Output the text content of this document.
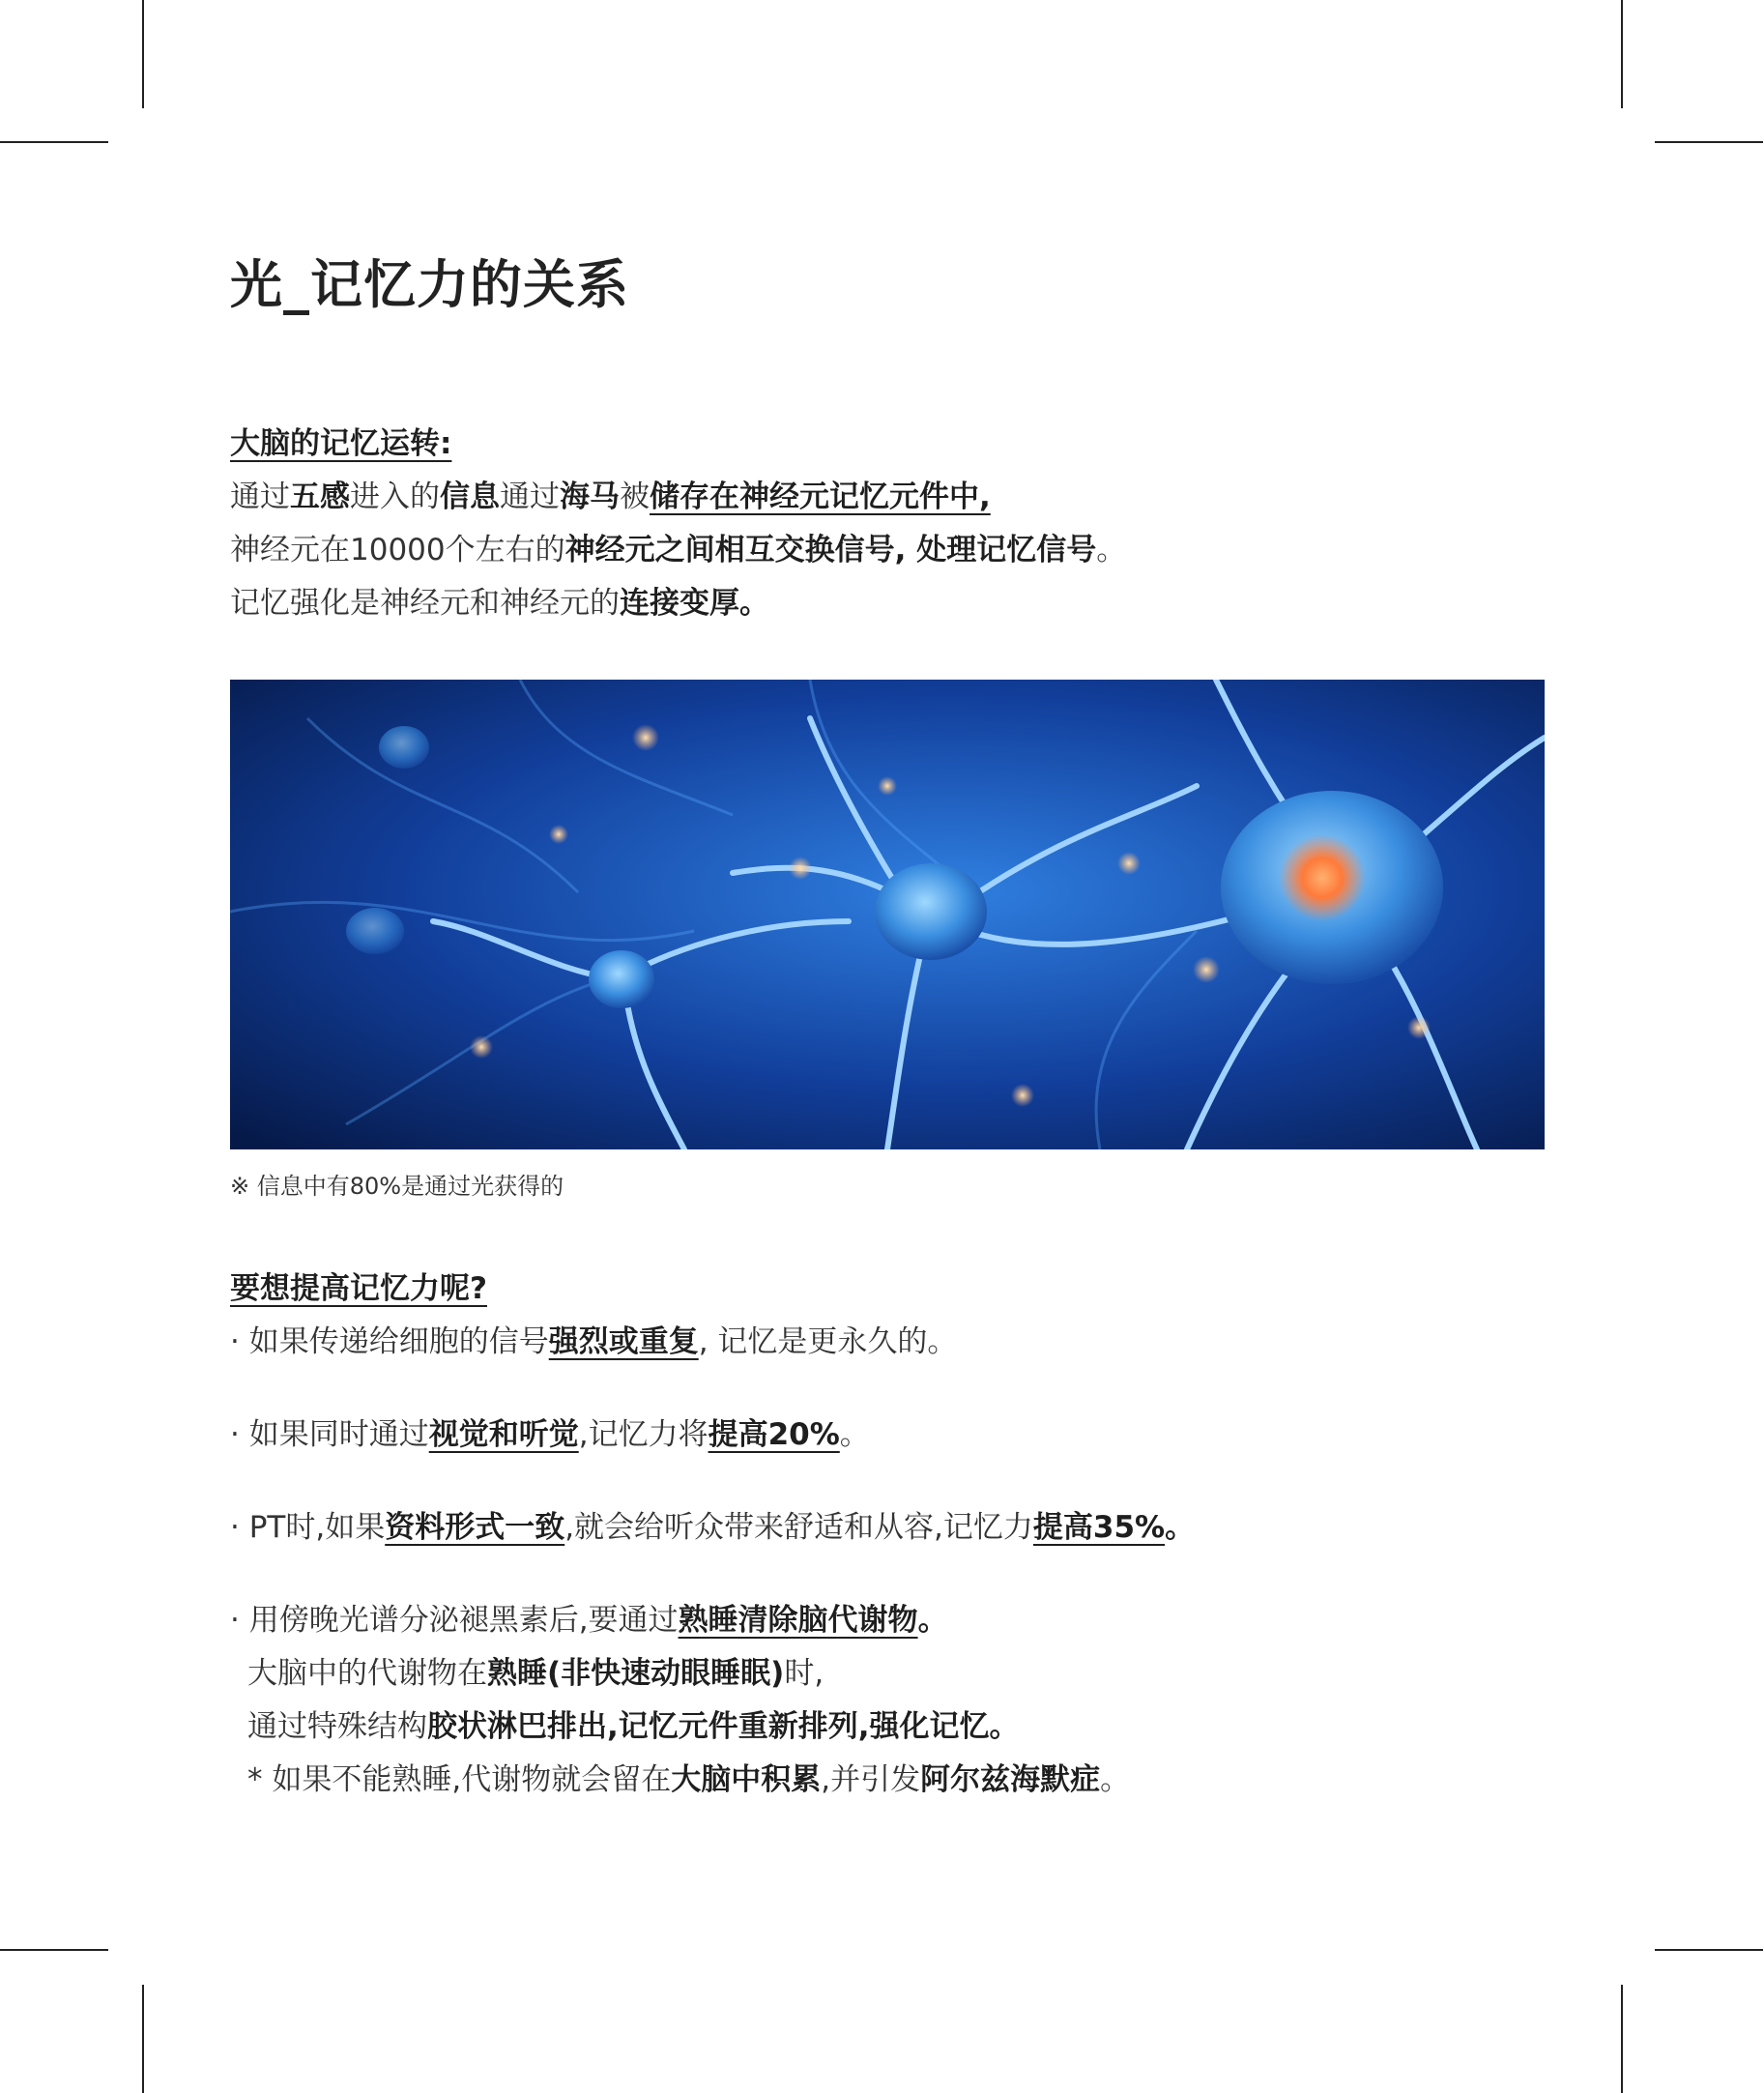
光_记忆力的关系
大脑的记忆运转:
通过五感进入的信息通过海马被储存在神经元记忆元件中,
神经元在10000个左右的神经元之间相互交换信号, 处理记忆信号。
记忆强化是神经元和神经元的连接变厚。
※ 信息中有80%是通过光获得的
要想提高记忆力呢?
· 如果传递给细胞的信号强烈或重复, 记忆是更永久的。
· 如果同时通过视觉和听觉,记忆力将提高20%。
· PT时,如果资料形式一致,就会给听众带来舒适和从容,记忆力提高35%。
· 用傍晚光谱分泌褪黑素后,要通过熟睡清除脑代谢物。
大脑中的代谢物在熟睡(非快速动眼睡眠)时,
通过特殊结构胶状淋巴排出,记忆元件重新排列,强化记忆。
* 如果不能熟睡,代谢物就会留在大脑中积累,并引发阿尔兹海默症。
